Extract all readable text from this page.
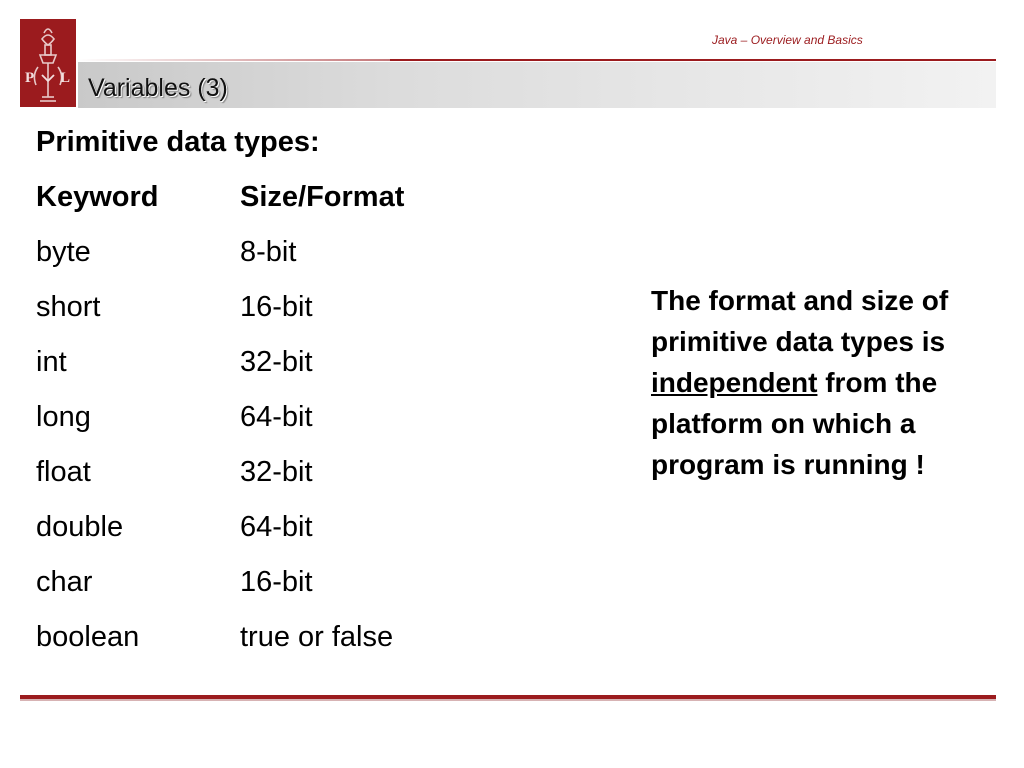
P L
Java – Overview and Basics
Variables (3)
Primitive data types:
Keyword	Size/Format
byte	8-bit
short	16-bit
int	32-bit
long	64-bit
float	32-bit
double	64-bit
char	16-bit
boolean	true or false
The format and size of primitive data types is independent from the platform on which a program is running !
